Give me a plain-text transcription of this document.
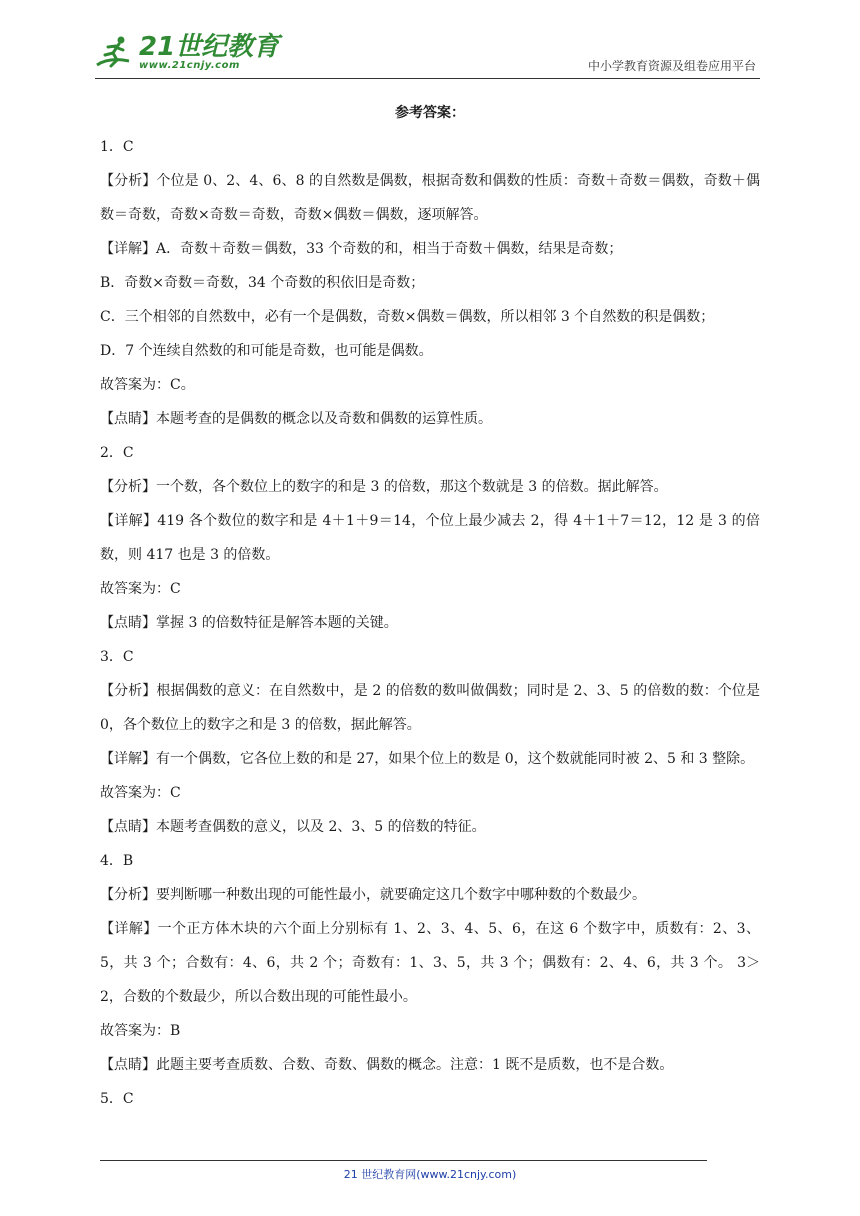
21世纪教育
www.21cnjy.com	中小学教育资源及组卷应用平台
参考答案：

1．C

【分析】个位是 0、2、4、6、8 的自然数是偶数，根据奇数和偶数的性质：奇数＋奇数＝偶数，奇数＋偶数＝奇数，奇数×奇数＝奇数，奇数×偶数＝偶数，逐项解答。

【详解】A．奇数＋奇数＝偶数，33 个奇数的和，相当于奇数＋偶数，结果是奇数；

B．奇数×奇数＝奇数，34 个奇数的积依旧是奇数；

C．三个相邻的自然数中，必有一个是偶数，奇数×偶数＝偶数，所以相邻 3 个自然数的积是偶数；

D．7 个连续自然数的和可能是奇数，也可能是偶数。

故答案为：C。

【点睛】本题考查的是偶数的概念以及奇数和偶数的运算性质。

2．C

【分析】一个数，各个数位上的数字的和是 3 的倍数，那这个数就是 3 的倍数。据此解答。

【详解】419 各个数位的数字和是 4＋1＋9＝14，个位上最少减去 2，得 4＋1＋7＝12，12 是 3 的倍数，则 417 也是 3 的倍数。

故答案为：C

【点睛】掌握 3 的倍数特征是解答本题的关键。

3．C

【分析】根据偶数的意义：在自然数中，是 2 的倍数的数叫做偶数；同时是 2、3、5 的倍数的数：个位是 0，各个数位上的数字之和是 3 的倍数，据此解答。

【详解】有一个偶数，它各位上数的和是 27，如果个位上的数是 0，这个数就能同时被 2、5 和 3 整除。

故答案为：C

【点睛】本题考查偶数的意义，以及 2、3、5 的倍数的特征。

4．B

【分析】要判断哪一种数出现的可能性最小，就要确定这几个数字中哪种数的个数最少。

【详解】一个正方体木块的六个面上分别标有 1、2、3、4、5、6，在这 6 个数字中，质数有：2、3、5，共 3 个；合数有：4、6，共 2 个；奇数有：1、3、5，共 3 个；偶数有：2、4、6，共 3 个。 3＞2，合数的个数最少，所以合数出现的可能性最小。

故答案为：B

【点睛】此题主要考查质数、合数、奇数、偶数的概念。注意：1 既不是质数，也不是合数。

5．C

21 世纪教育网(www.21cnjy.com)
